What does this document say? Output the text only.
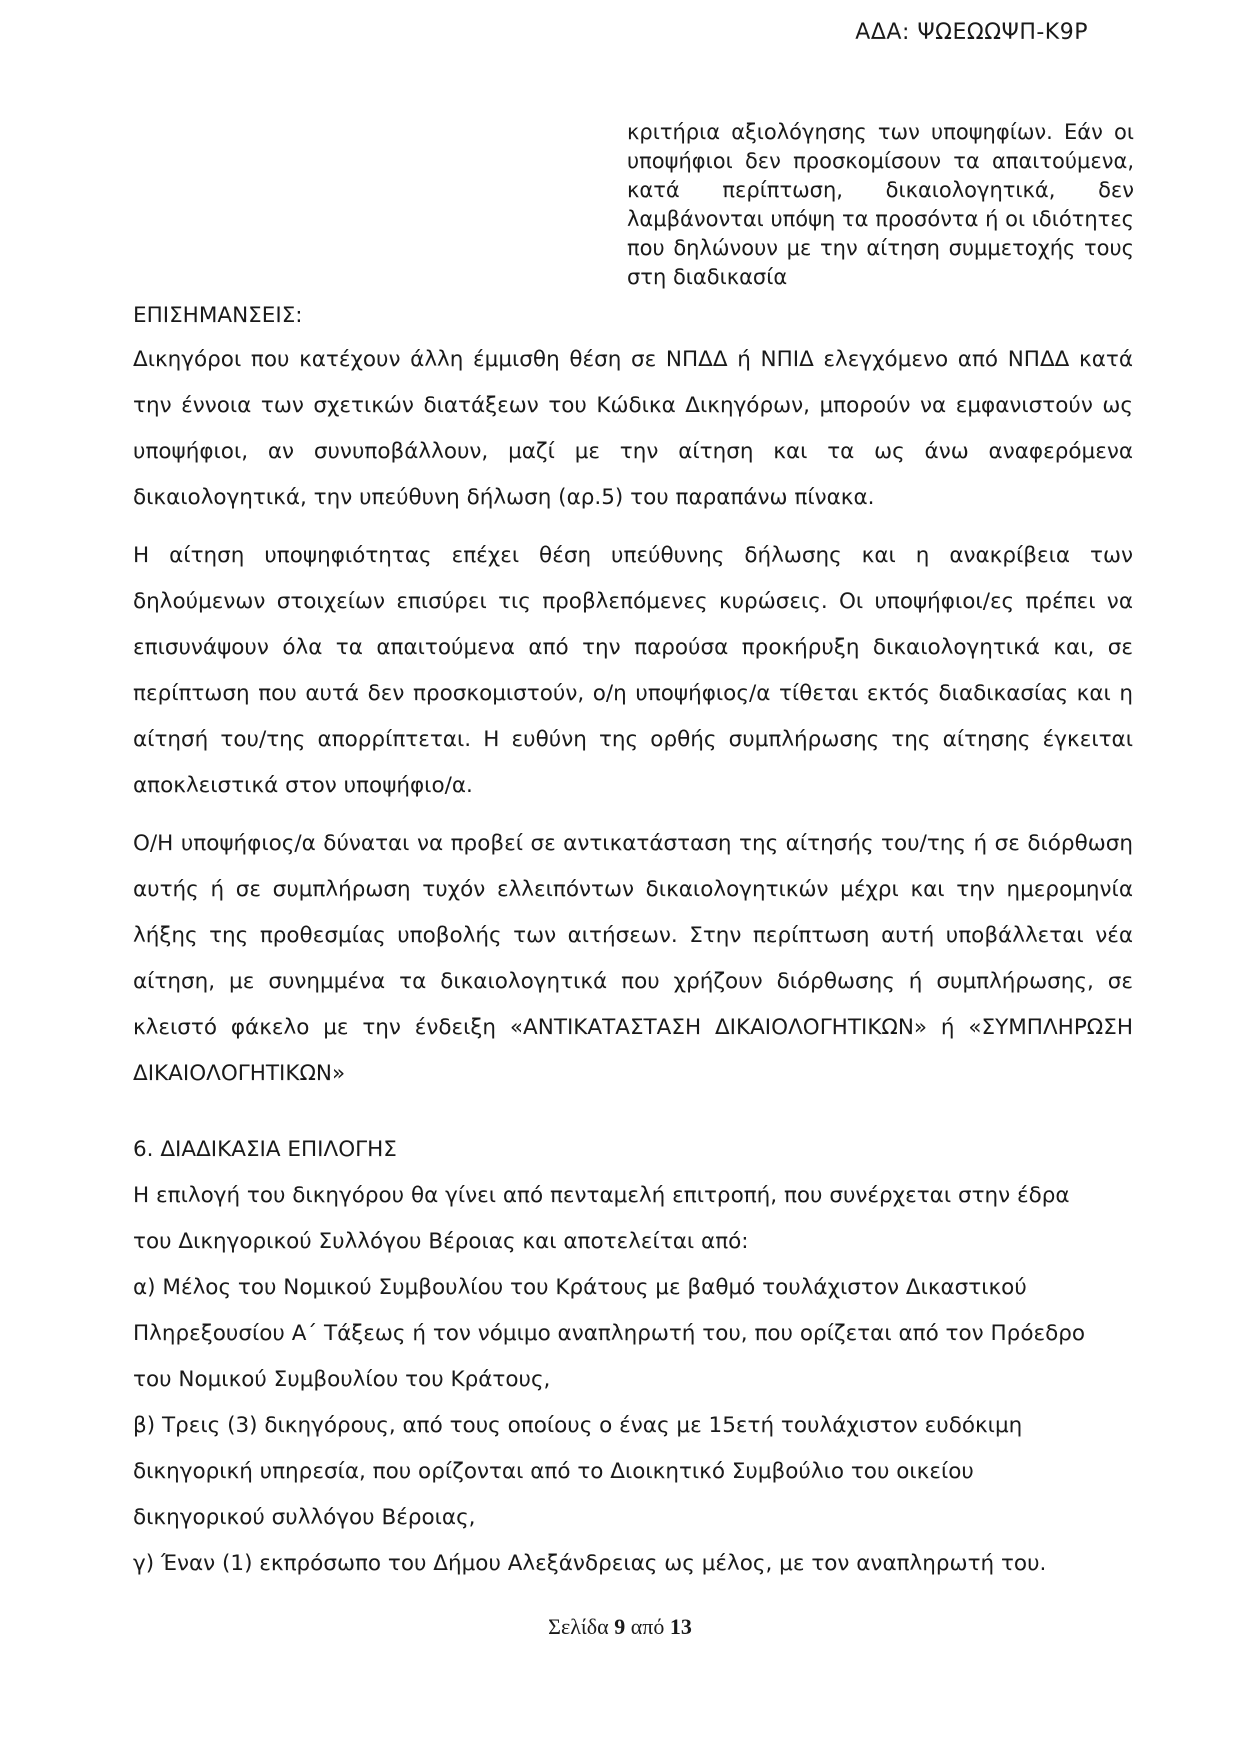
ΑΔΑ: ΨΩΕΩΩΨΠ-Κ9Ρ
κριτήρια αξιολόγησης των υποψηφίων. Εάν οι υποψήφιοι δεν προσκομίσουν τα απαιτούμενα, κατά περίπτωση, δικαιολογητικά, δεν λαμβάνονται υπόψη τα προσόντα ή οι ιδιότητες που δηλώνουν με την αίτηση συμμετοχής τους στη διαδικασία
ΕΠΙΣΗΜΑΝΣΕΙΣ:

Δικηγόροι που κατέχουν άλλη έμμισθη θέση σε ΝΠΔΔ ή ΝΠΙΔ ελεγχόμενο από ΝΠΔΔ κατά την έννοια των σχετικών διατάξεων του Κώδικα Δικηγόρων, μπορούν να εμφανιστούν ως υποψήφιοι, αν συνυποβάλλουν, μαζί με την αίτηση και τα ως άνω αναφερόμενα δικαιολογητικά, την υπεύθυνη δήλωση (αρ.5) του παραπάνω πίνακα.

Η αίτηση υποψηφιότητας επέχει θέση υπεύθυνης δήλωσης και η ανακρίβεια των δηλούμενων στοιχείων επισύρει τις προβλεπόμενες κυρώσεις. Οι υποψήφιοι/ες πρέπει να επισυνάψουν όλα τα απαιτούμενα από την παρούσα προκήρυξη δικαιολογητικά και, σε περίπτωση που αυτά δεν προσκομιστούν, ο/η υποψήφιος/α τίθεται εκτός διαδικασίας και η αίτησή του/της απορρίπτεται. Η ευθύνη της ορθής συμπλήρωσης της αίτησης έγκειται αποκλειστικά στον υποψήφιο/α.

Ο/Η υποψήφιος/α δύναται να προβεί σε αντικατάσταση της αίτησής του/της ή σε διόρθωση αυτής ή σε συμπλήρωση τυχόν ελλειπόντων δικαιολογητικών μέχρι και την ημερομηνία λήξης της προθεσμίας υποβολής των αιτήσεων. Στην περίπτωση αυτή υποβάλλεται νέα αίτηση, με συνημμένα τα δικαιολογητικά που χρήζουν διόρθωσης ή συμπλήρωσης, σε κλειστό φάκελο με την ένδειξη «ΑΝΤΙΚΑΤΑΣΤΑΣΗ ΔΙΚΑΙΟΛΟΓΗΤΙΚΩΝ» ή «ΣΥΜΠΛΗΡΩΣΗ ΔΙΚΑΙΟΛΟΓΗΤΙΚΩΝ»

6. ΔΙΑΔΙΚΑΣΙΑ ΕΠΙΛΟΓΗΣ
Η επιλογή του δικηγόρου θα γίνει από πενταμελή επιτροπή, που συνέρχεται στην έδρα
του Δικηγορικού Συλλόγου Βέροιας και αποτελείται από:
α) Μέλος του Νομικού Συμβουλίου του Κράτους με βαθμό τουλάχιστον Δικαστικού
Πληρεξουσίου Α΄ Τάξεως ή τον νόμιμο αναπληρωτή του, που ορίζεται από τον Πρόεδρο
του Νομικού Συμβουλίου του Κράτους,
β) Τρεις (3) δικηγόρους, από τους οποίους ο ένας με 15ετή τουλάχιστον ευδόκιμη
δικηγορική υπηρεσία, που ορίζονται από το Διοικητικό Συμβούλιο του οικείου
δικηγορικού συλλόγου Βέροιας,
γ) Έναν (1) εκπρόσωπο του Δήμου Αλεξάνδρειας ως μέλος, με τον αναπληρωτή του.
Σελίδα 9 από 13
